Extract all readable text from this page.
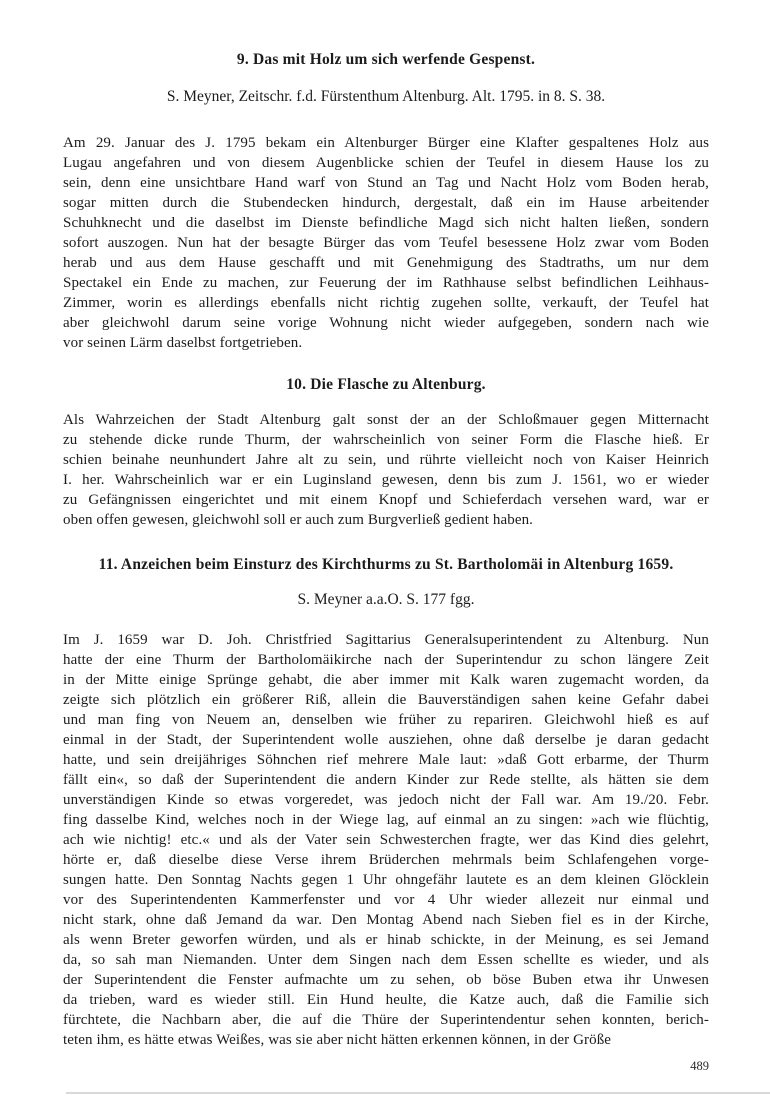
9. Das mit Holz um sich werfende Gespenst.
S. Meyner, Zeitschr. f.d. Fürstenthum Altenburg. Alt. 1795. in 8. S. 38.
Am 29. Januar des J. 1795 bekam ein Altenburger Bürger eine Klafter gespaltenes Holz aus
Lugau angefahren und von diesem Augenblicke schien der Teufel in diesem Hause los zu
sein, denn eine unsichtbare Hand warf von Stund an Tag und Nacht Holz vom Boden herab,
sogar mitten durch die Stubendecken hindurch, dergestalt, daß ein im Hause arbeitender
Schuhknecht und die daselbst im Dienste befindliche Magd sich nicht halten ließen, sondern
sofort auszogen. Nun hat der besagte Bürger das vom Teufel besessene Holz zwar vom Boden
herab und aus dem Hause geschafft und mit Genehmigung des Stadtraths, um nur dem
Spectakel ein Ende zu machen, zur Feuerung der im Rathhause selbst befindlichen Leihhaus-
Zimmer, worin es allerdings ebenfalls nicht richtig zugehen sollte, verkauft, der Teufel hat
aber gleichwohl darum seine vorige Wohnung nicht wieder aufgegeben, sondern nach wie
vor seinen Lärm daselbst fortgetrieben.
10. Die Flasche zu Altenburg.
Als Wahrzeichen der Stadt Altenburg galt sonst der an der Schloßmauer gegen Mitternacht
zu stehende dicke runde Thurm, der wahrscheinlich von seiner Form die Flasche hieß. Er
schien beinahe neunhundert Jahre alt zu sein, und rührte vielleicht noch von Kaiser Heinrich
I. her. Wahrscheinlich war er ein Luginsland gewesen, denn bis zum J. 1561, wo er wieder
zu Gefängnissen eingerichtet und mit einem Knopf und Schieferdach versehen ward, war er
oben offen gewesen, gleichwohl soll er auch zum Burgverließ gedient haben.
11. Anzeichen beim Einsturz des Kirchthurms zu St. Bartholomäi in Altenburg 1659.
S. Meyner a.a.O. S. 177 fgg.
Im J. 1659 war D. Joh. Christfried Sagittarius Generalsuperintendent zu Altenburg. Nun
hatte der eine Thurm der Bartholomäikirche nach der Superintendur zu schon längere Zeit
in der Mitte einige Sprünge gehabt, die aber immer mit Kalk waren zugemacht worden, da
zeigte sich plötzlich ein größerer Riß, allein die Bauverständigen sahen keine Gefahr dabei
und man fing von Neuem an, denselben wie früher zu repariren. Gleichwohl hieß es auf
einmal in der Stadt, der Superintendent wolle ausziehen, ohne daß derselbe je daran gedacht
hatte, und sein dreijähriges Söhnchen rief mehrere Male laut: »daß Gott erbarme, der Thurm
fällt ein«, so daß der Superintendent die andern Kinder zur Rede stellte, als hätten sie dem
unverständigen Kinde so etwas vorgeredet, was jedoch nicht der Fall war. Am 19./20. Febr.
fing dasselbe Kind, welches noch in der Wiege lag, auf einmal an zu singen: »ach wie flüchtig,
ach wie nichtig! etc.« und als der Vater sein Schwesterchen fragte, wer das Kind dies gelehrt,
hörte er, daß dieselbe diese Verse ihrem Brüderchen mehrmals beim Schlafengehen vorge-
sungen hatte. Den Sonntag Nachts gegen 1 Uhr ohngefähr lautete es an dem kleinen Glöcklein
vor des Superintendenten Kammerfenster und vor 4 Uhr wieder allezeit nur einmal und
nicht stark, ohne daß Jemand da war. Den Montag Abend nach Sieben fiel es in der Kirche,
als wenn Breter geworfen würden, und als er hinab schickte, in der Meinung, es sei Jemand
da, so sah man Niemanden. Unter dem Singen nach dem Essen schellte es wieder, und als
der Superintendent die Fenster aufmachte um zu sehen, ob böse Buben etwa ihr Unwesen
da trieben, ward es wieder still. Ein Hund heulte, die Katze auch, daß die Familie sich
fürchtete, die Nachbarn aber, die auf die Thüre der Superintendentur sehen konnten, berich-
teten ihm, es hätte etwas Weißes, was sie aber nicht hätten erkennen können, in der Größe
489
